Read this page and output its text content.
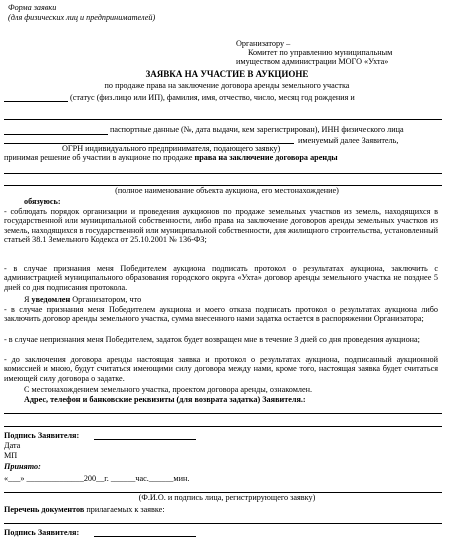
Форма заявки
(для физических лиц и предпринимателей)
Организатору –
Комитет по управлению муниципальным
имуществом администрации МОГО «Ухта»
ЗАЯВКА НА УЧАСТИЕ В АУКЦИОНЕ
по продаже права на заключение договора аренды земельного участка
(статус (физ.лицо или ИП), фамилия, имя, отчество, число, месяц год рождения и
паспортные данные (№, дата выдачи, кем зарегистрирован), ИНН физического лица
именуемый далее Заявитель,
ОГРН индивидуального предпринимателя, подающего заявку)
принимая решение об участии в аукционе по продаже права на заключение договора аренды
(полное наименование объекта аукциона, его местонахождение)
обязуюсь:
- соблюдать порядок организации и проведения аукционов по продаже земельных участков из земель, находящихся в государственной или муниципальной собственности, либо права на заключение договоров аренды земельных участков из земель, находящихся в государственной или муниципальной собственности, для жилищного строительства, установленный статьей 38.1 Земельного Кодекса от 25.10.2001 № 136-ФЗ;
- в случае признания меня Победителем аукциона подписать протокол о результатах аукциона, заключить с администрацией муниципального образования городского округа «Ухта» договор аренды земельного участка не позднее 5 дней со дня подписания протокола.
Я уведомлен Организатором, что
- в случае признания меня Победителем аукциона и моего отказа подписать протокол о результатах аукциона либо заключить договор аренды земельного участка, сумма внесенного нами задатка остается в распоряжении Организатора;
- в случае непризнания меня Победителем, задаток будет возвращен мне в течение 3 дней со дня проведения аукциона;
- до заключения договора аренды настоящая заявка и протокол о результатах аукциона, подписанный аукционной комиссией и мною, будут считаться имеющими силу договора между нами, кроме того, настоящая заявка будет считаться имеющей силу договора о задатке.
С местонахождением земельного участка, проектом договора аренды, ознакомлен.
Адрес, телефон и банковские реквизиты (для возврата задатка) Заявителя.:
Подпись Заявителя:
Дата
МП
Принято:
«___» ______________200__г. ______час.______мин.
(Ф.И.О. и подпись лица, регистрирующего заявку)
Перечень документов прилагаемых к заявке:
Подпись Заявителя:
